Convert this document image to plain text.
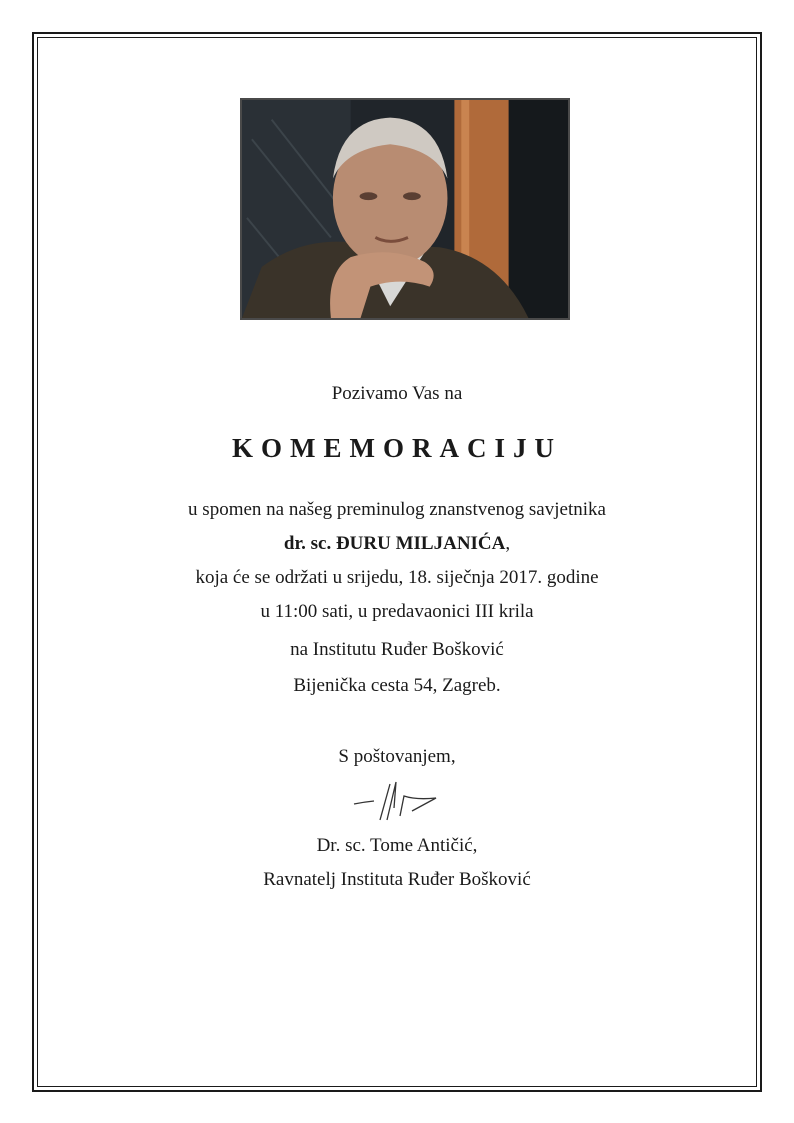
Pozivamo Vas na
KOMEMORACIJU
u spomen na našeg preminulog znanstvenog savjetnika
dr. sc. ĐURU MILJANIĆA,
koja će se održati u srijedu, 18. siječnja 2017. godine
u 11:00 sati, u predavaonici III krila
na Institutu Ruđer Bošković
Bijenička cesta 54, Zagreb.
S poštovanjem,
Dr. sc. Tome Antičić,
Ravnatelj Instituta Ruđer Bošković
